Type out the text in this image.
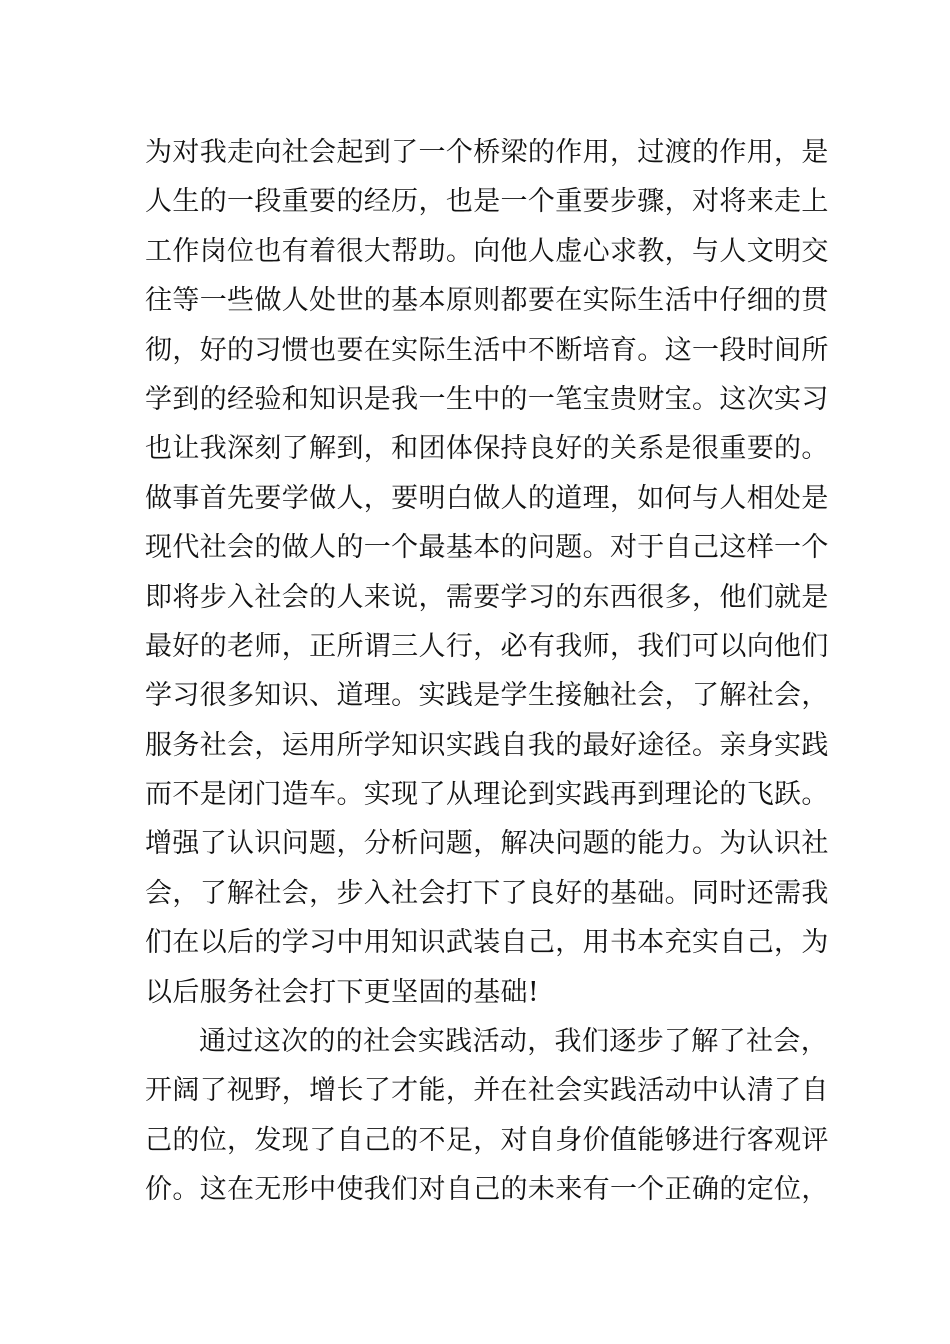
为对我走向社会起到了一个桥梁的作用，过渡的作用，是
人生的一段重要的经历，也是一个重要步骤，对将来走上
工作岗位也有着很大帮助。向他人虚心求教，与人文明交
往等一些做人处世的基本原则都要在实际生活中仔细的贯
彻，好的习惯也要在实际生活中不断培育。这一段时间所
学到的经验和知识是我一生中的一笔宝贵财宝。这次实习
也让我深刻了解到，和团体保持良好的关系是很重要的。
做事首先要学做人，要明白做人的道理，如何与人相处是
现代社会的做人的一个最基本的问题。对于自己这样一个
即将步入社会的人来说，需要学习的东西很多，他们就是
最好的老师，正所谓三人行，必有我师，我们可以向他们
学习很多知识、道理。实践是学生接触社会，了解社会，
服务社会，运用所学知识实践自我的最好途径。亲身实践
而不是闭门造车。实现了从理论到实践再到理论的飞跃。
增强了认识问题，分析问题，解决问题的能力。为认识社
会，了解社会，步入社会打下了良好的基础。同时还需我
们在以后的学习中用知识武装自己，用书本充实自己，为
以后服务社会打下更坚固的基础!
通过这次的的社会实践活动，我们逐步了解了社会，
开阔了视野，增长了才能，并在社会实践活动中认清了自
己的位，发现了自己的不足，对自身价值能够进行客观评
价。这在无形中使我们对自己的未来有一个正确的定位，
